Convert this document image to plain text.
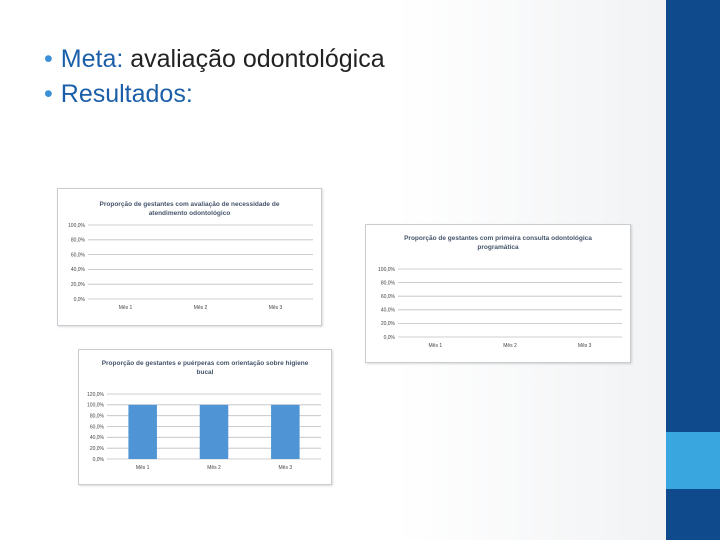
• Meta: avaliação odontológica
• Resultados:
Proporção de gestantes com avaliação de necessidade de
atendimento odontológico
100,0%
80,0%
60,0%
40,0%
20,0%
0,0%
Mês 1	Mês 2	Mês 3
Proporção de gestantes com primeira consulta odontológica
programática
100,0%
80,0%
60,0%
40,0%
20,0%
0,0%
Mês 1	Mês 2	Mês 3
Proporção de gestantes e puérperas com orientação sobre higiene
bucal
120,0%
100,0%
80,0%
60,0%
40,0%
20,0%
0,0%
Mês 1	Mês 2	Mês 3
